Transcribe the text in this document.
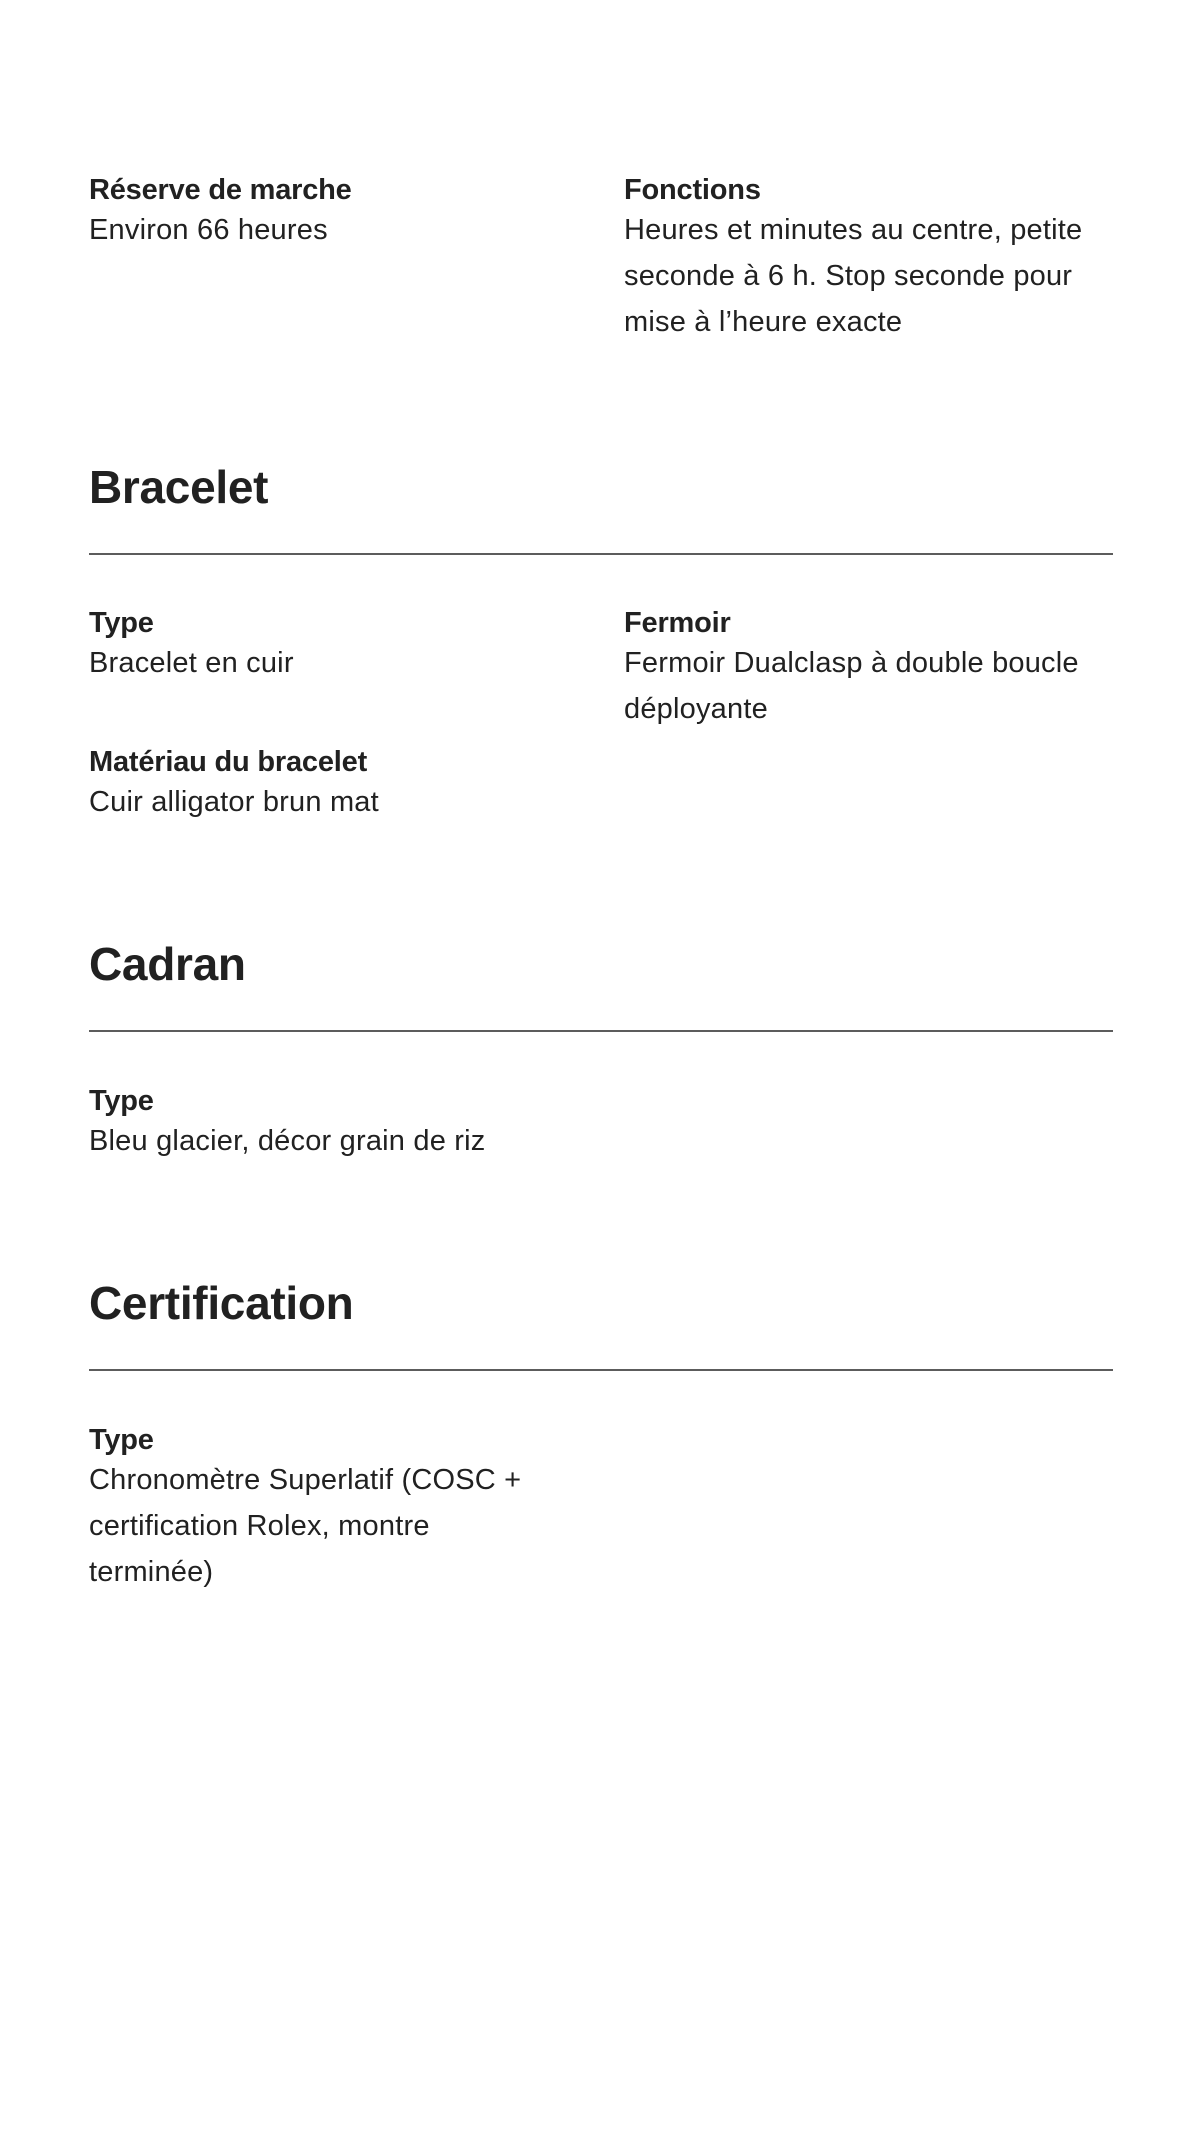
Réserve de marche

Environ 66 heures

Fonctions

Heures et minutes au centre, petite seconde à 6 h. Stop seconde pour mise à l’heure exacte

Bracelet

Type

Bracelet en cuir

Fermoir

Fermoir Dualclasp à double boucle déployante

Matériau du bracelet

Cuir alligator brun mat

Cadran

Type

Bleu glacier, décor grain de riz

Certification

Type

Chronomètre Superlatif (COSC + certification Rolex, montre terminée)
